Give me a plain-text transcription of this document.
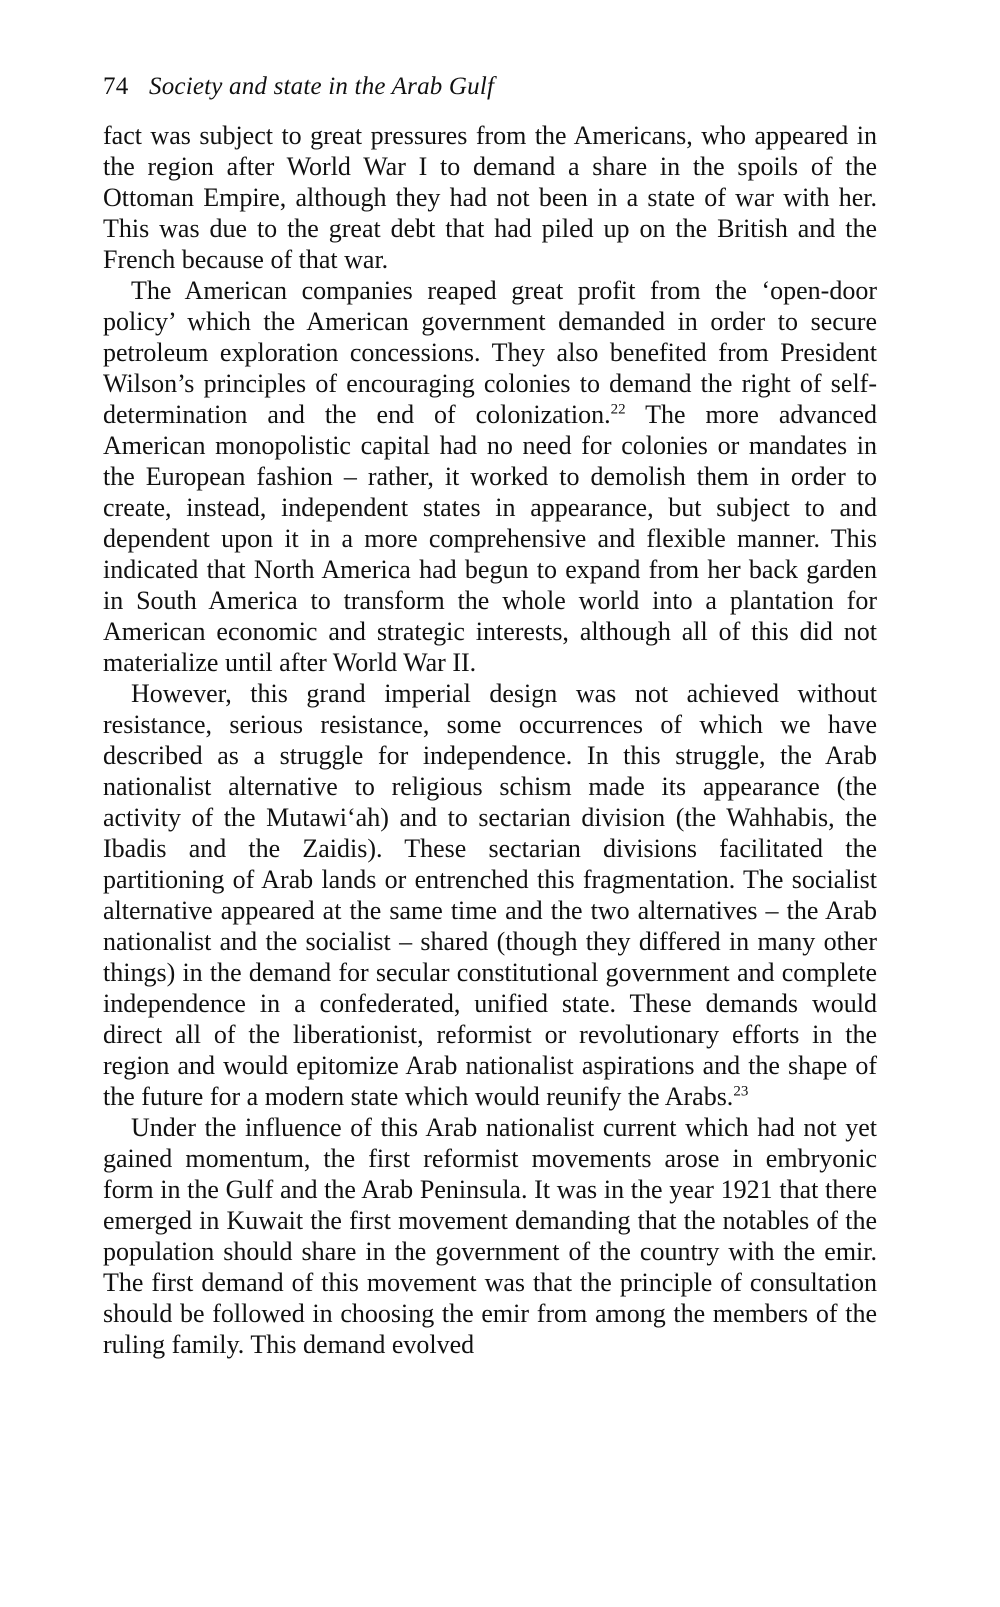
74 Society and state in the Arab Gulf

fact was subject to great pressures from the Americans, who appeared in the region after World War I to demand a share in the spoils of the Ottoman Empire, although they had not been in a state of war with her. This was due to the great debt that had piled up on the British and the French because of that war.

The American companies reaped great profit from the ‘open-door policy’ which the American government demanded in order to secure petroleum exploration concessions. They also benefited from President Wilson’s principles of encouraging colonies to demand the right of self-determination and the end of colonization.$^{22}$ The more advanced American monopolistic capital had no need for colonies or mandates in the European fashion – rather, it worked to demolish them in order to create, instead, independent states in appearance, but subject to and dependent upon it in a more comprehensive and flexible manner. This indicated that North America had begun to expand from her back garden in South America to transform the whole world into a plantation for American economic and strategic interests, although all of this did not materialize until after World War II.

However, this grand imperial design was not achieved without resistance, serious resistance, some occurrences of which we have described as a struggle for independence. In this struggle, the Arab nationalist alternative to religious schism made its appearance (the activity of the Mutawi‘ah) and to sectarian division (the Wahhabis, the Ibadis and the Zaidis). These sectarian divisions facilitated the partitioning of Arab lands or entrenched this fragmentation. The socialist alternative appeared at the same time and the two alternatives – the Arab nationalist and the socialist – shared (though they differed in many other things) in the demand for secular constitutional government and complete independence in a confederated, unified state. These demands would direct all of the liberationist, reformist or revolutionary efforts in the region and would epitomize Arab nationalist aspirations and the shape of the future for a modern state which would reunify the Arabs.$^{23}$

Under the influence of this Arab nationalist current which had not yet gained momentum, the first reformist movements arose in embryonic form in the Gulf and the Arab Peninsula. It was in the year 1921 that there emerged in Kuwait the first movement demanding that the notables of the population should share in the government of the country with the emir. The first demand of this movement was that the principle of consultation should be followed in choosing the emir from among the members of the ruling family. This demand evolved
